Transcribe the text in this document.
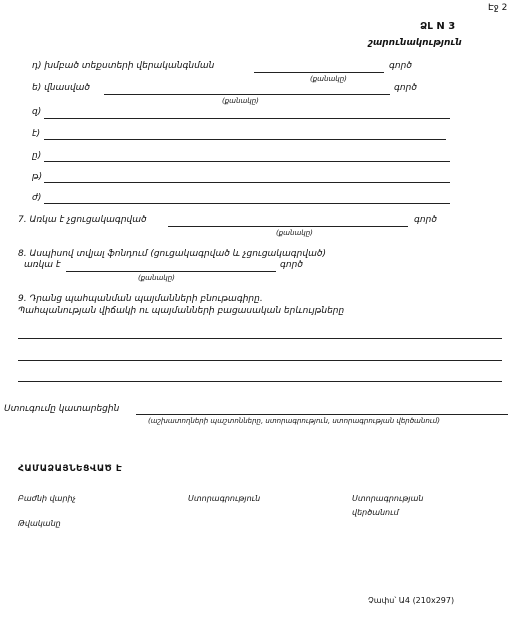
Էջ 2
ՁԼ N 3
շարունակություն
դ) խմբած տեքստերի վերականգնման	գործ
(քանակը)
ե) վնասված	գործ
(քանակը)
զ)
է)
ը)
թ)
ժ)
7. Առկա է չցուցակագրված	գործ
(քանակը)
8. Ասպիսով տվյալ ֆոնդում (ցուցակագրված և չցուցակագրված)
առկա է	գործ
(քանակը)
9. Դրանց պահպանման պայմանների բնութագիրը.
Պահպանության վիճակի ու պայմանների բացասական երևույթները
Ստուգումը կատարեցին
(աշխատողների պաշտոնները, ստորագրություն, ստորագրության վերծանում)
ՀԱՄԱՁԱՅՆԵՑՎԱԾ Է
Բաժնի վարիչ	Ստորագրություն	Ստորագրության
վերծանում
Թվականը
Չափս՝ Ա4 (210x297)
